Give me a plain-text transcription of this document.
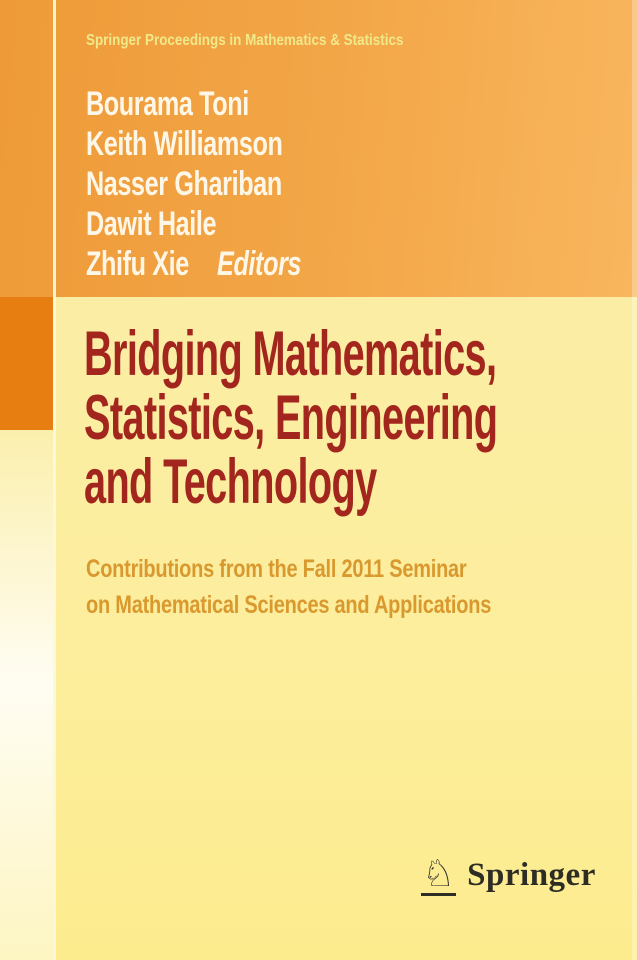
Springer Proceedings in Mathematics & Statistics
Bourama Toni
Keith Williamson
Nasser Ghariban
Dawit Haile
Zhifu Xie Editors
Bridging Mathematics,
Statistics, Engineering
and Technology
Contributions from the Fall 2011 Seminar
on Mathematical Sciences and Applications
♘ Springer
